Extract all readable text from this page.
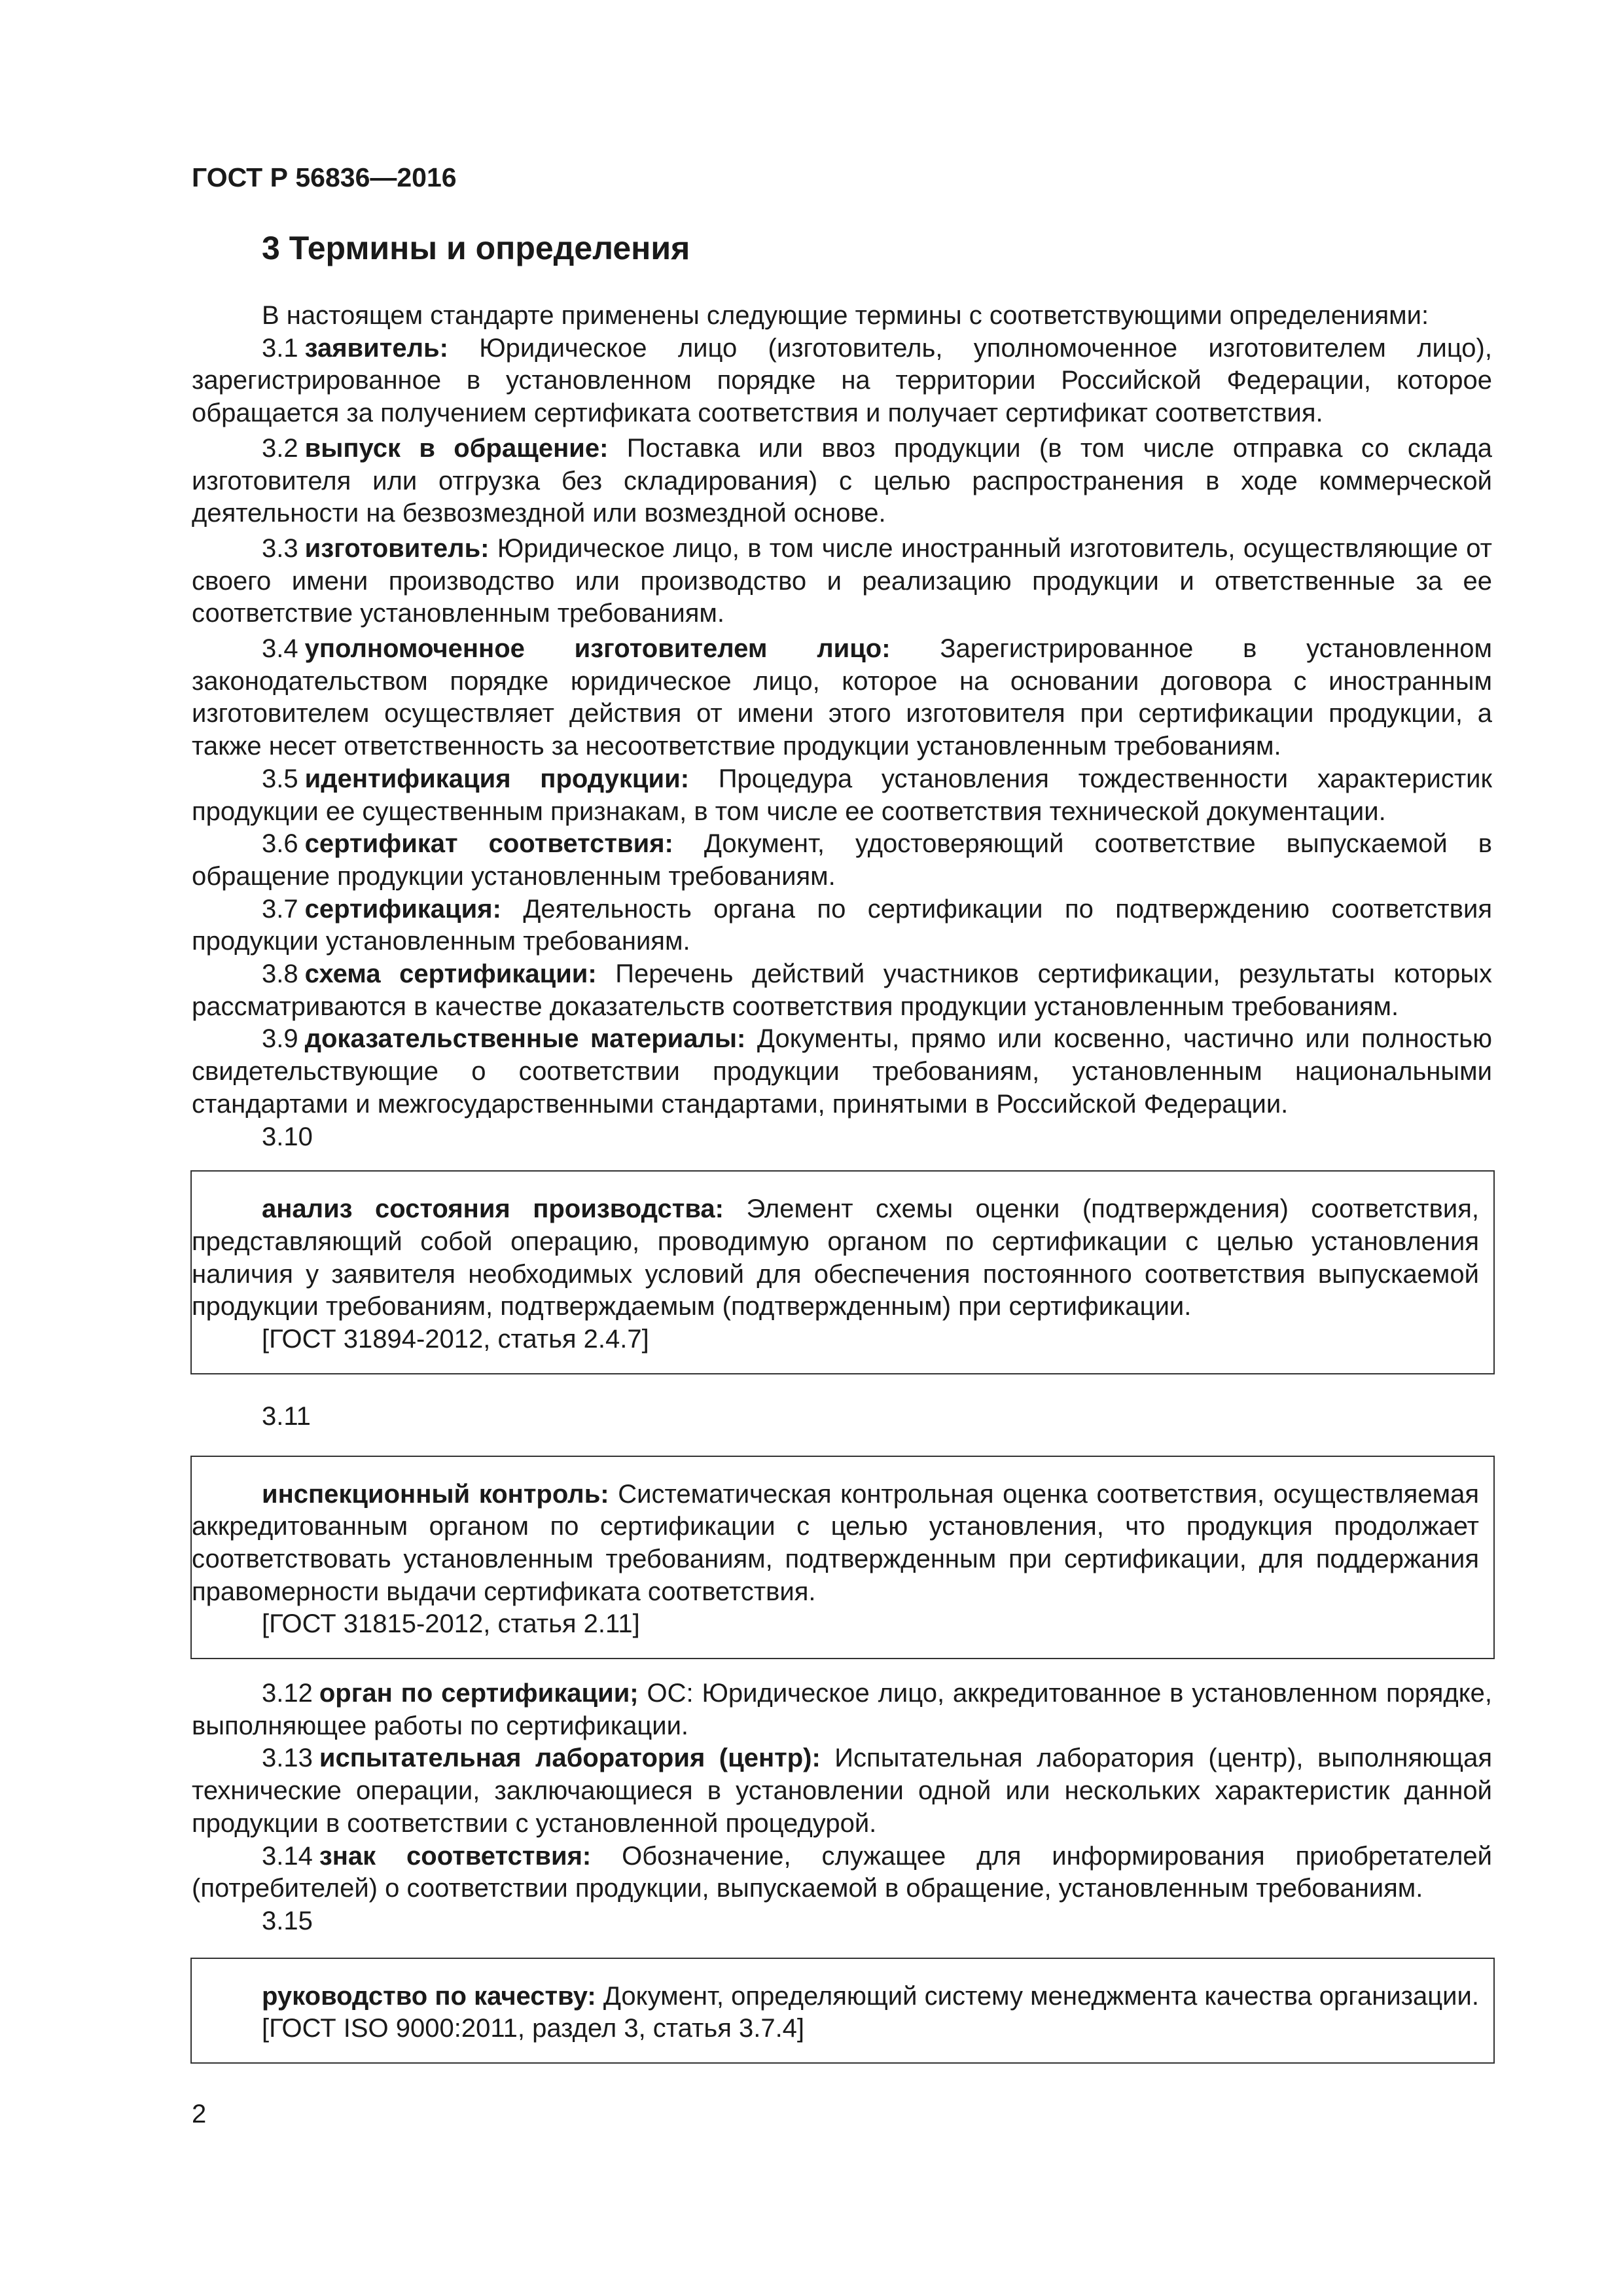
ГОСТ Р 56836—2016
3 Термины и определения

В настоящем стандарте применены следующие термины с соответствующими определениями:

3.1 заявитель: Юридическое лицо (изготовитель, уполномоченное изготовителем лицо), зарегистрированное в установленном порядке на территории Российской Федерации, которое обращается за получением сертификата соответствия и получает сертификат соответствия.

3.2 выпуск в обращение: Поставка или ввоз продукции (в том числе отправка со склада изготовителя или отгрузка без складирования) с целью распространения в ходе коммерческой деятельности на безвозмездной или возмездной основе.

3.3 изготовитель: Юридическое лицо, в том числе иностранный изготовитель, осуществляющие от своего имени производство или производство и реализацию продукции и ответственные за ее соответствие установленным требованиям.

3.4 уполномоченное изготовителем лицо: Зарегистрированное в установленном законодательством порядке юридическое лицо, которое на основании договора с иностранным изготовителем осуществляет действия от имени этого изготовителя при сертификации продукции, а также несет ответственность за несоответствие продукции установленным требованиям.

3.5 идентификация продукции: Процедура установления тождественности характеристик продукции ее существенным признакам, в том числе ее соответствия технической документации.

3.6 сертификат соответствия: Документ, удостоверяющий соответствие выпускаемой в обращение продукции установленным требованиям.

3.7 сертификация: Деятельность органа по сертификации по подтверждению соответствия продукции установленным требованиям.

3.8 схема сертификации: Перечень действий участников сертификации, результаты которых рассматриваются в качестве доказательств соответствия продукции установленным требованиям.

3.9 доказательственные материалы: Документы, прямо или косвенно, частично или полностью свидетельствующие о соответствии продукции требованиям, установленным национальными стандартами и межгосударственными стандартами, принятыми в Российской Федерации.

3.10

анализ состояния производства: Элемент схемы оценки (подтверждения) соответствия, представляющий собой операцию, проводимую органом по сертификации с целью установления наличия у заявителя необходимых условий для обеспечения постоянного соответствия выпускаемой продукции требованиям, подтверждаемым (подтвержденным) при сертификации.

[ГОСТ 31894-2012, статья 2.4.7]

3.11

инспекционный контроль: Систематическая контрольная оценка соответствия, осуществляемая аккредитованным органом по сертификации с целью установления, что продукция продолжает соответствовать установленным требованиям, подтвержденным при сертификации, для поддержания правомерности выдачи сертификата соответствия.

[ГОСТ 31815-2012, статья 2.11]

3.12 орган по сертификации; ОС: Юридическое лицо, аккредитованное в установленном порядке, выполняющее работы по сертификации.

3.13 испытательная лаборатория (центр): Испытательная лаборатория (центр), выполняющая технические операции, заключающиеся в установлении одной или нескольких характеристик данной продукции в соответствии с установленной процедурой.

3.14 знак соответствия: Обозначение, служащее для информирования приобретателей (потребителей) о соответствии продукции, выпускаемой в обращение, установленным требованиям.

3.15

руководство по качеству: Документ, определяющий систему менеджмента качества организации.

[ГОСТ ISO 9000:2011, раздел 3, статья 3.7.4]

2
